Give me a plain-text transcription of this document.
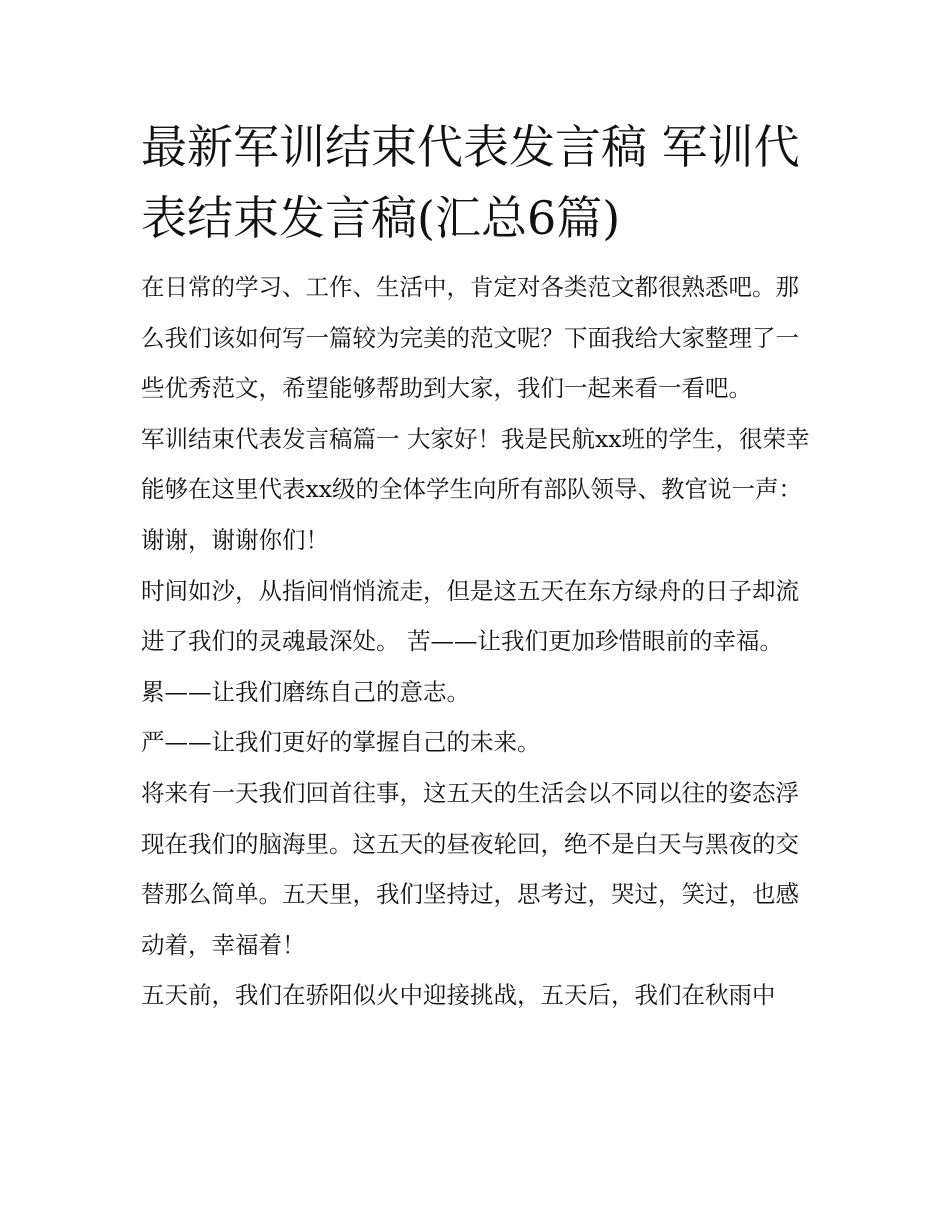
最新军训结束代表发言稿 军训代表结束发言稿(汇总6篇)

在日常的学习、工作、生活中，肯定对各类范文都很熟悉吧。那么我们该如何写一篇较为完美的范文呢？下面我给大家整理了一些优秀范文，希望能够帮助到大家，我们一起来看一看吧。

军训结束代表发言稿篇一 大家好！我是民航xx班的学生，很荣幸能够在这里代表xx级的全体学生向所有部队领导、教官说一声：谢谢，谢谢你们！

时间如沙，从指间悄悄流走，但是这五天在东方绿舟的日子却流进了我们的灵魂最深处。 苦——让我们更加珍惜眼前的幸福。 累——让我们磨练自己的意志。

严——让我们更好的掌握自己的未来。

将来有一天我们回首往事，这五天的生活会以不同以往的姿态浮现在我们的脑海里。这五天的昼夜轮回，绝不是白天与黑夜的交替那么简单。五天里，我们坚持过，思考过，哭过，笑过，也感动着，幸福着！

五天前，我们在骄阳似火中迎接挑战，五天后，我们在秋雨中
